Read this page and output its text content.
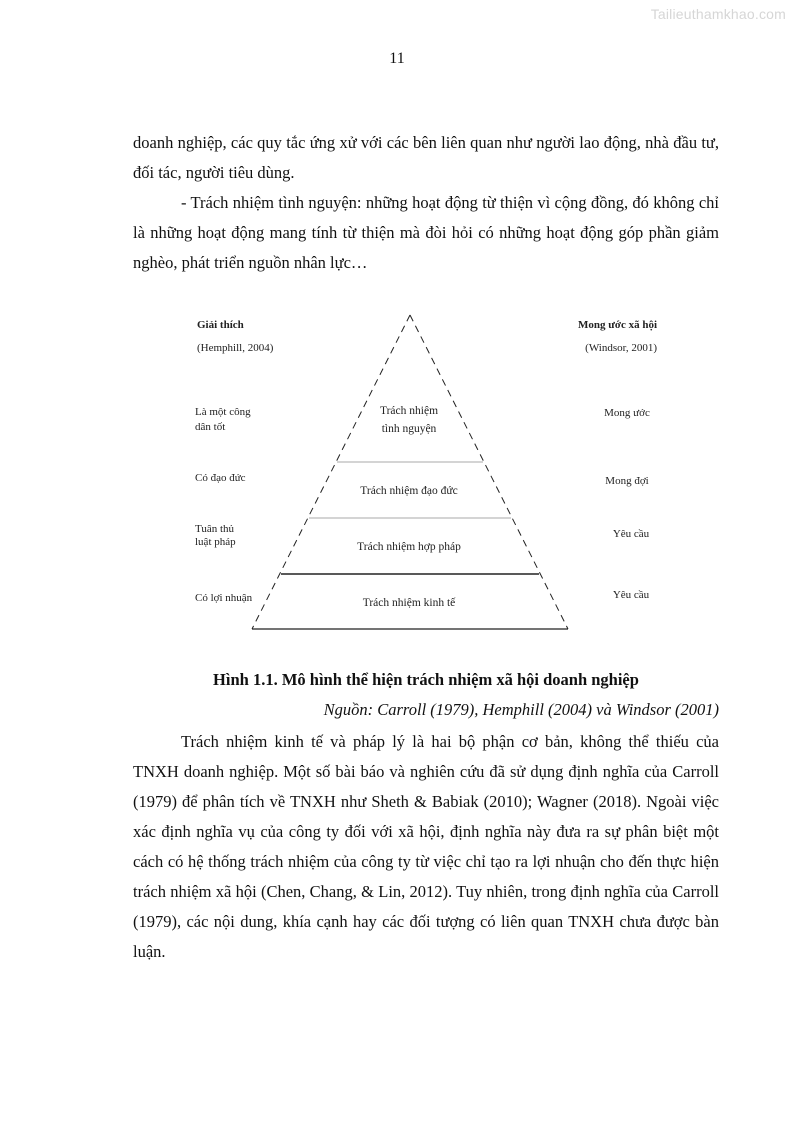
Tailieuthamkhao.com
11

doanh nghiệp, các quy tắc ứng xử với các bên liên quan như người lao động, nhà đầu tư, đối tác, người tiêu dùng.

- Trách nhiệm tình nguyện: những hoạt động từ thiện vì cộng đồng, đó không chỉ là những hoạt động mang tính từ thiện mà đòi hỏi có những hoạt động góp phần giảm nghèo, phát triển nguồn nhân lực…

Giải thích
(Hemphill, 2004)
Mong ước xã hội
(Windsor, 2001)
Trách nhiệm
tình nguyện
Trách nhiệm đạo đức
Trách nhiệm hợp pháp
Trách nhiệm kinh tế
Là một công
dân tốt
Có đạo đức
Tuân thủ
luật pháp
Có lợi nhuận
Mong ước
Mong đợi
Yêu cầu
Yêu cầu
Hình 1.1. Mô hình thể hiện trách nhiệm xã hội doanh nghiệp
Nguồn: Carroll (1979), Hemphill (2004) và Windsor (2001)

Trách nhiệm kinh tế và pháp lý là hai bộ phận cơ bản, không thể thiếu của TNXH doanh nghiệp. Một số bài báo và nghiên cứu đã sử dụng định nghĩa của Carroll (1979) để phân tích về TNXH như Sheth & Babiak (2010); Wagner (2018). Ngoài việc xác định nghĩa vụ của công ty đối với xã hội, định nghĩa này đưa ra sự phân biệt một cách có hệ thống trách nhiệm của công ty từ việc chỉ tạo ra lợi nhuận cho đến thực hiện trách nhiệm xã hội (Chen, Chang, & Lin, 2012). Tuy nhiên, trong định nghĩa của Carroll (1979), các nội dung, khía cạnh hay các đối tượng có liên quan TNXH chưa được bàn luận.
